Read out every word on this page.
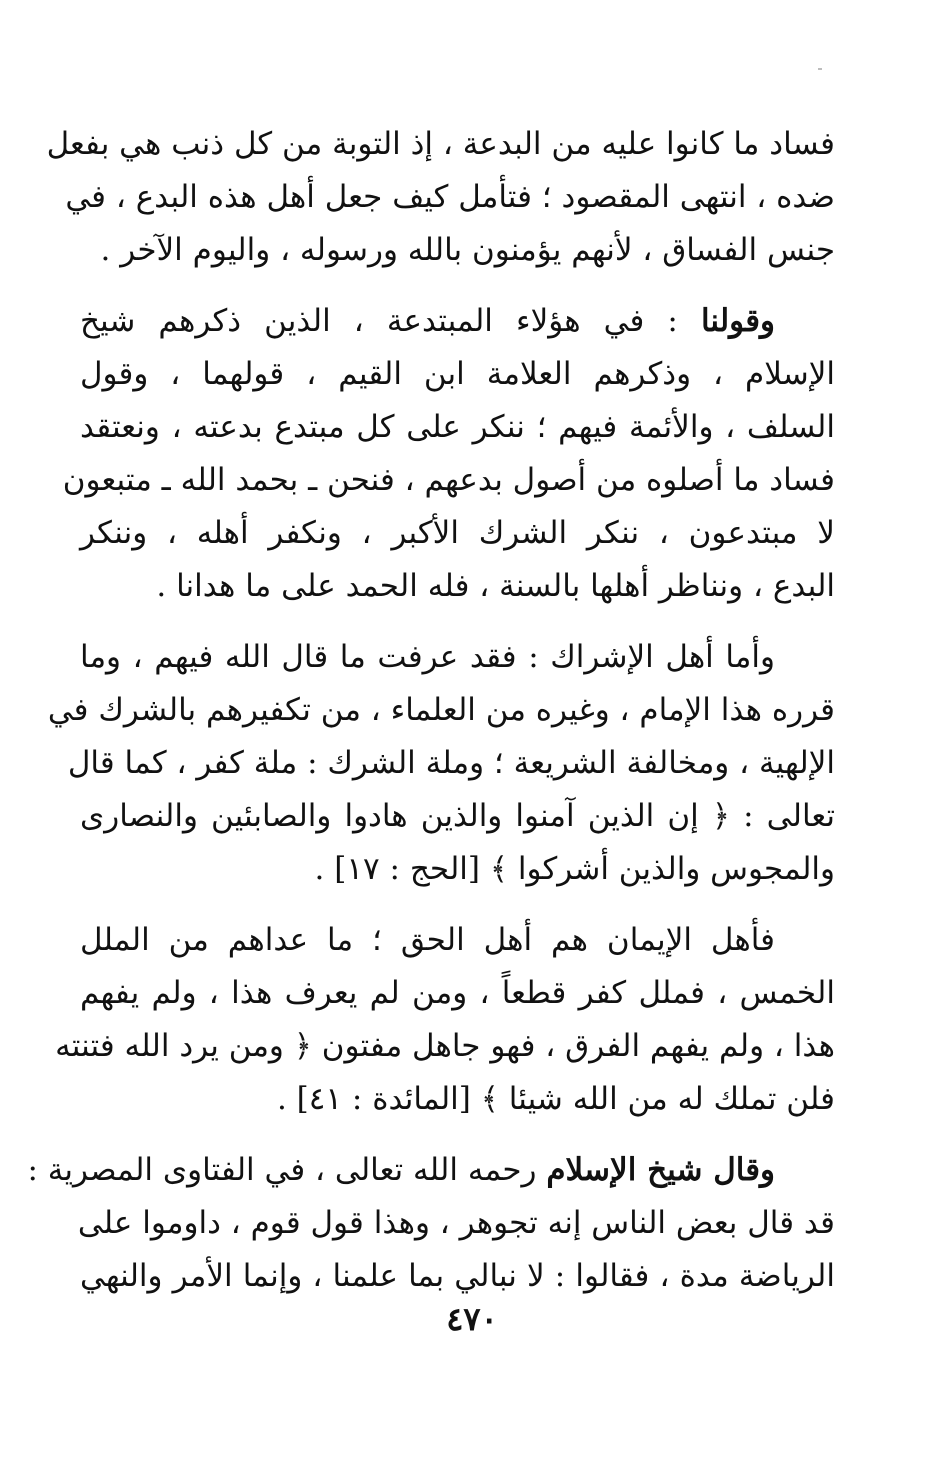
فساد ما كانوا عليه من البدعة ، إذ التوبة من كل ذنب هي بفعل
ضده ، انتهى المقصود ؛ فتأمل كيف جعل أهل هذه البدع ، في
جنس الفساق ، لأنهم يؤمنون بالله ورسوله ، واليوم الآخر .
وقولنا : في هؤلاء المبتدعة ، الذين ذكرهم شيخ
الإسلام ، وذكرهم العلامة ابن القيم ، قولهما ، وقول
السلف ، والأئمة فيهم ؛ ننكر على كل مبتدع بدعته ، ونعتقد
فساد ما أصلوه من أصول بدعهم ، فنحن ـ بحمد الله ـ متبعون
لا مبتدعون ، ننكر الشرك الأكبر ، ونكفر أهله ، وننكر
البدع ، ونناظر أهلها بالسنة ، فله الحمد على ما هدانا .
وأما أهل الإشراك : فقد عرفت ما قال الله فيهم ، وما
قرره هذا الإمام ، وغيره من العلماء ، من تكفيرهم بالشرك في
الإلهية ، ومخالفة الشريعة ؛ وملة الشرك : ملة كفر ، كما قال
تعالى : ﴿ إن الذين آمنوا والذين هادوا والصابئين والنصارى
والمجوس والذين أشركوا ﴾ [الحج : ١٧] .
فأهل الإيمان هم أهل الحق ؛ ما عداهم من الملل
الخمس ، فملل كفر قطعاً ، ومن لم يعرف هذا ، ولم يفهم
هذا ، ولم يفهم الفرق ، فهو جاهل مفتون ﴿ ومن يرد الله فتنته
فلن تملك له من الله شيئا ﴾ [المائدة : ٤١] .
وقال شيخ الإسلام رحمه الله تعالى ، في الفتاوى المصرية :
قد قال بعض الناس إنه تجوهر ، وهذا قول قوم ، داوموا على
الرياضة مدة ، فقالوا : لا نبالي بما علمنا ، وإنما الأمر والنهي
٤٧٠
